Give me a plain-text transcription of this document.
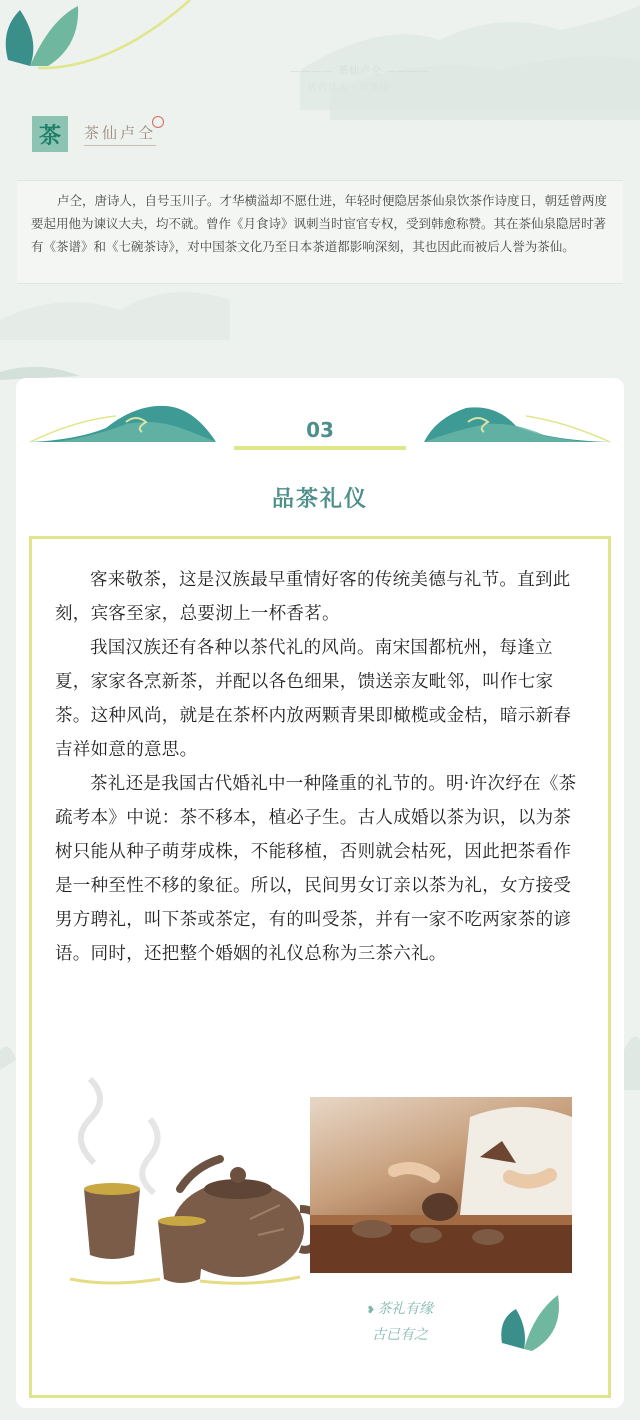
———— 茶仙卢仝 ————
唐代诗人 · 饮茶诗
茶	茶仙卢仝

卢仝，唐诗人，自号玉川子。才华横溢却不愿仕进，年轻时便隐居茶仙泉饮茶作诗度日，朝廷曾两度要起用他为谏议大夫，均不就。曾作《月食诗》讽刺当时宦官专权，受到韩愈称赞。其在茶仙泉隐居时著有《茶谱》和《七碗茶诗》，对中国茶文化乃至日本茶道都影响深刻，其也因此而被后人誉为茶仙。

03
品茶礼仪

客来敬茶，这是汉族最早重情好客的传统美德与礼节。直到此刻，宾客至家，总要沏上一杯香茗。

我国汉族还有各种以茶代礼的风尚。南宋国都杭州，每逢立夏，家家各烹新茶，并配以各色细果，馈送亲友毗邻，叫作七家茶。这种风尚，就是在茶杯内放两颗青果即橄榄或金桔，暗示新春吉祥如意的意思。

茶礼还是我国古代婚礼中一种隆重的礼节的。明·许次纾在《茶疏考本》中说：茶不移本，植必子生。古人成婚以茶为识，以为茶树只能从种子萌芽成株，不能移植，否则就会枯死，因此把茶看作是一种至性不移的象征。所以，民间男女订亲以茶为礼，女方接受男方聘礼，叫下茶或茶定，有的叫受茶，并有一家不吃两家茶的谚语。同时，还把整个婚姻的礼仪总称为三茶六礼。

❥ 茶礼有缘
古已有之
